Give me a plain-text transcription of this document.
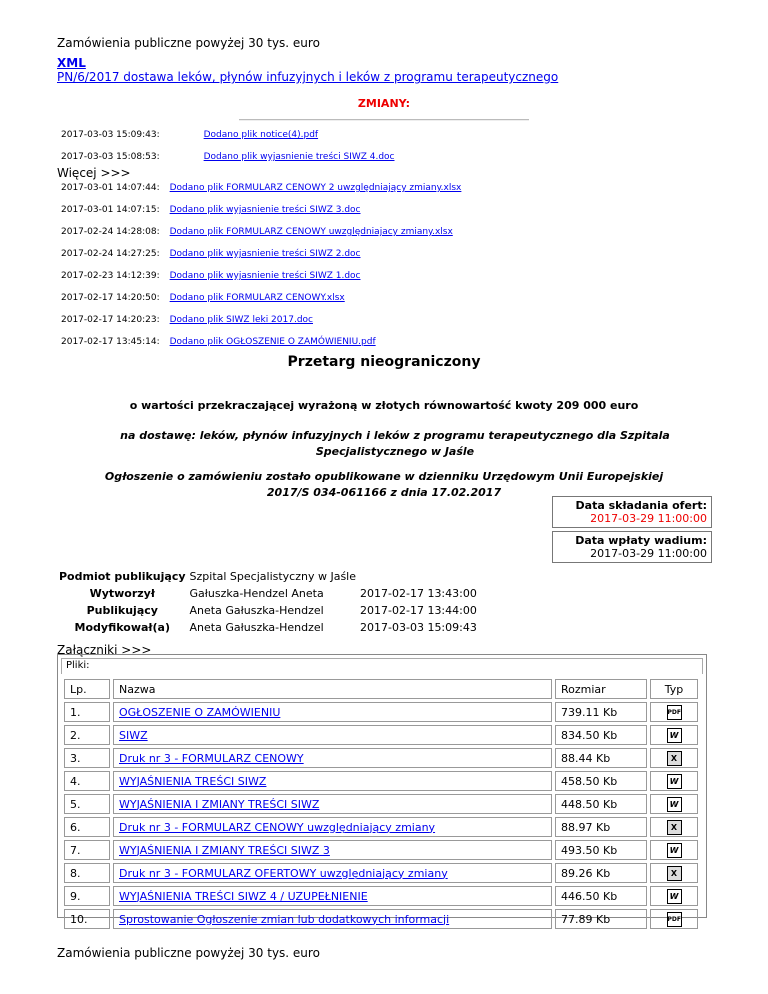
Zamówienia publiczne powyżej 30 tys. euro
XML
PN/6/2017 dostawa leków, płynów infuzyjnych i leków z programu terapeutycznego
ZMIANY:
2017-03-03 15:09:43:	Dodano plik notice(4).pdf
2017-03-03 15:08:53:	Dodano plik wyjasnienie treści SIWZ 4.doc
Więcej >>>
2017-03-01 14:07:44:	Dodano plik FORMULARZ CENOWY 2 uwzględniający zmiany.xlsx
2017-03-01 14:07:15:	Dodano plik wyjasnienie treści SIWZ 3.doc
2017-02-24 14:28:08:	Dodano plik FORMULARZ CENOWY uwzględniajacy zmiany.xlsx
2017-02-24 14:27:25:	Dodano plik wyjasnienie treści SIWZ 2.doc
2017-02-23 14:12:39:	Dodano plik wyjasnienie treści SIWZ 1.doc
2017-02-17 14:20:50:	Dodano plik FORMULARZ CENOWY.xlsx
2017-02-17 14:20:23:	Dodano plik SIWZ leki 2017.doc
2017-02-17 13:45:14:	Dodano plik OGŁOSZENIE O ZAMÓWIENIU.pdf
Przetarg nieograniczony
o wartości przekraczającej wyrażoną w złotych równowartość kwoty 209 000 euro
na dostawę: leków, płynów infuzyjnych i leków z programu terapeutycznego dla Szpitala Specjalistycznego w Jaśle
Ogłoszenie o zamówieniu zostało opublikowane w dzienniku Urzędowym Unii Europejskiej
2017/S 034-061166 z dnia 17.02.2017
Data składania ofert:
2017-03-29 11:00:00
Data wpłaty wadium:
2017-03-29 11:00:00
Podmiot publikujący	Szpital Specjalistyczny w Jaśle	
Wytworzył	Gałuszka-Hendzel Aneta	2017-02-17 13:43:00
Publikujący	Aneta Gałuszka-Hendzel	2017-02-17 13:44:00
Modyfikował(a)	Aneta Gałuszka-Hendzel	2017-03-03 15:09:43
Załączniki >>>
Pliki:
Lp.	Nazwa	Rozmiar	Typ
1.	OGŁOSZENIE O ZAMÓWIENIU	739.11 Kb	PDF
2.	SIWZ	834.50 Kb	W
3.	Druk nr 3 - FORMULARZ CENOWY	88.44 Kb	X
4.	WYJAŚNIENIA TREŚCI SIWZ	458.50 Kb	W
5.	WYJAŚNIENIA I ZMIANY TREŚCI SIWZ	448.50 Kb	W
6.	Druk nr 3 - FORMULARZ CENOWY uwzględniający zmiany	88.97 Kb	X
7.	WYJAŚNIENIA I ZMIANY TREŚCI SIWZ 3	493.50 Kb	W
8.	Druk nr 3 - FORMULARZ OFERTOWY uwzględniający zmiany	89.26 Kb	X
9.	WYJAŚNIENIA TREŚCI SIWZ 4 / UZUPEŁNIENIE	446.50 Kb	W
10.	Sprostowanie Ogłoszenie zmian lub dodatkowych informacji	77.89 Kb	PDF
Zamówienia publiczne powyżej 30 tys. euro
